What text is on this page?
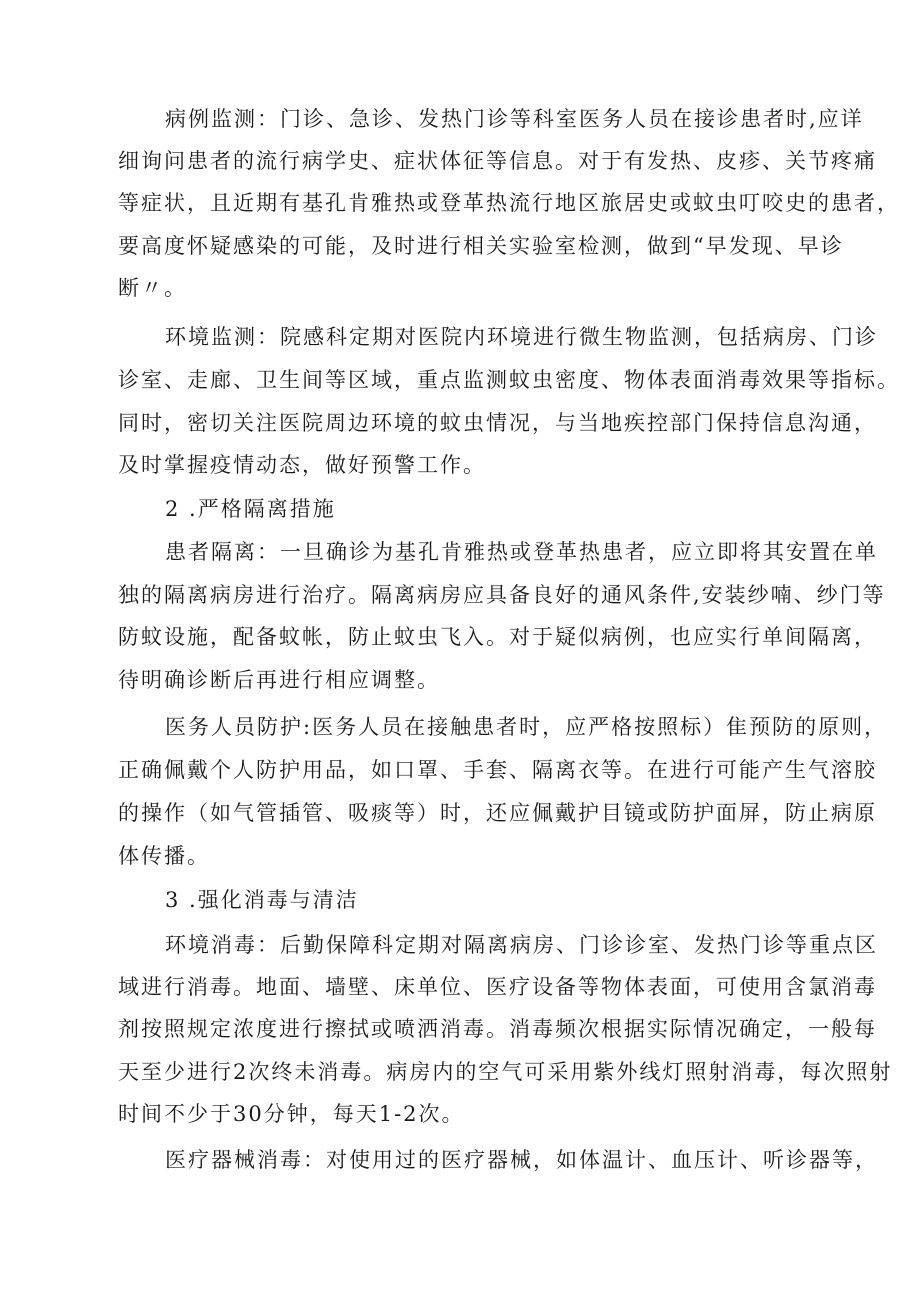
病例监测：门诊、急诊、发热门诊等科室医务人员在接诊患者时,应详
细询问患者的流行病学史、症状体征等信息。对于有发热、皮疹、关节疼痛
等症状，且近期有基孔肯雅热或登革热流行地区旅居史或蚊虫叮咬史的患者，
要高度怀疑感染的可能，及时进行相关实验室检测，做到“早发现、早诊
断〃。
环境监测：院感科定期对医院内环境进行微生物监测，包括病房、门诊
诊室、走廊、卫生间等区域，重点监测蚊虫密度、物体表面消毒效果等指标。
同时，密切关注医院周边环境的蚊虫情况，与当地疾控部门保持信息沟通，
及时掌握疫情动态，做好预警工作。
2 .严格隔离措施
患者隔离：一旦确诊为基孔肯雅热或登革热患者，应立即将其安置在单
独的隔离病房进行治疗。隔离病房应具备良好的通风条件,安装纱喃、纱门等
防蚊设施，配备蚊帐，防止蚊虫飞入。对于疑似病例，也应实行单间隔离，
待明确诊断后再进行相应调整。
医务人员防护:医务人员在接触患者时，应严格按照标）隹预防的原则，
正确佩戴个人防护用品，如口罩、手套、隔离衣等。在进行可能产生气溶胶
的操作（如气管插管、吸痰等）时，还应佩戴护目镜或防护面屏，防止病原
体传播。
3 .强化消毒与清洁
环境消毒：后勤保障科定期对隔离病房、门诊诊室、发热门诊等重点区
域进行消毒。地面、墙壁、床单位、医疗设备等物体表面，可使用含氯消毒
剂按照规定浓度进行擦拭或喷洒消毒。消毒频次根据实际情况确定，一般每
天至少进行2次终未消毒。病房内的空气可采用紫外线灯照射消毒，每次照射
时间不少于30分钟，每天1-2次。
医疗器械消毒：对使用过的医疗器械，如体温计、血压计、听诊器等，
